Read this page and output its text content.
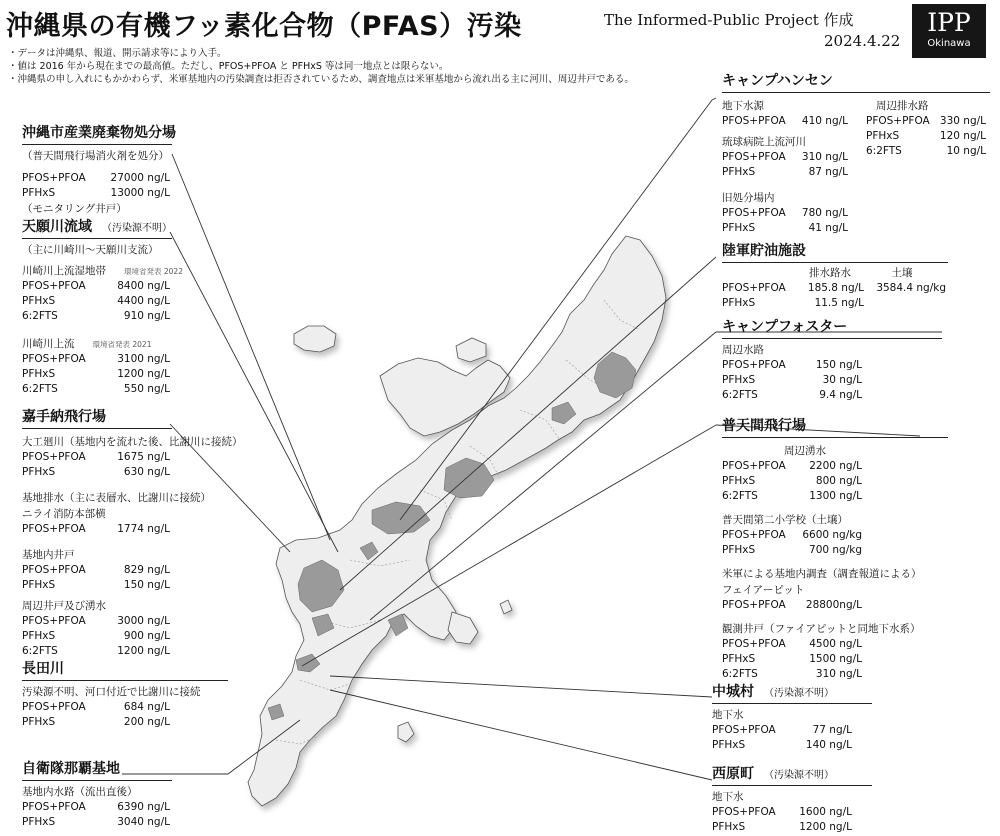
沖縄県の有機フッ素化合物（PFAS）汚染	The Informed-Public Project 作成
2024.4.22
IPP
Okinawa
・データは沖縄県、報道、開示請求等により入手。
・値は 2016 年から現在までの最高値。ただし、PFOS+PFOA と PFHxS 等は同一地点とは限らない。
・沖縄県の申し入れにもかかわらず、米軍基地内の汚染調査は拒否されているため、調査地点は米軍基地から流れ出る主に河川、周辺井戸である。
沖縄市産業廃棄物処分場
（普天間飛行場消火剤を処分）
PFOS+PFOA	27000 ng/L
PFHxS	13000 ng/L
（モニタリング井戸）
天願川流域 （汚染源不明）
（主に川崎川～天願川支流）
川崎川上流湿地帯 環境省発表 2022
PFOS+PFOA	8400 ng/L
PFHxS	4400 ng/L
6:2FTS	910 ng/L
川崎川上流 環境省発表 2021
PFOS+PFOA	3100 ng/L
PFHxS	1200 ng/L
6:2FTS	550 ng/L
嘉手納飛行場
大工廻川（基地内を流れた後、比謝川に接続）
PFOS+PFOA	1675 ng/L
PFHxS	630 ng/L
基地排水（主に表層水、比謝川に接続）
ニライ消防本部横
PFOS+PFOA	1774 ng/L
基地内井戸
PFOS+PFOA	829 ng/L
PFHxS	150 ng/L
周辺井戸及び湧水
PFOS+PFOA	3000 ng/L
PFHxS	900 ng/L
6:2FTS	1200 ng/L
長田川
汚染源不明、河口付近で比謝川に接続
PFOS+PFOA	684 ng/L
PFHxS	200 ng/L
自衛隊那覇基地
基地内水路（流出直後）
PFOS+PFOA	6390 ng/L
PFHxS	3040 ng/L
キャンプハンセン
地下水源
PFOS+PFOA	410 ng/L
琉球病院上流河川
PFOS+PFOA	310 ng/L
PFHxS	87 ng/L
旧処分場内
PFOS+PFOA	780 ng/L
PFHxS	41 ng/L
周辺排水路
PFOS+PFOA 330 ng/L
PFHxS	120 ng/L
6:2FTS	10 ng/L
陸軍貯油施設
排水路水	土壌
PFOS+PFOA	185.8 ng/L	3584.4 ng/kg
PFHxS	11.5 ng/L
キャンプフォスター
周辺水路
PFOS+PFOA	150 ng/L
PFHxS	30 ng/L
6:2FTS	9.4 ng/L
普天間飛行場
周辺湧水
PFOS+PFOA	2200 ng/L
PFHxS	800 ng/L
6:2FTS	1300 ng/L
普天間第二小学校（土壌）
PFOS+PFOA	6600 ng/kg
PFHxS	700 ng/kg
米軍による基地内調査（調査報道による）
フェイアーピット
PFOS+PFOA	28800ng/L
観測井戸（ファイアピットと同地下水系）
PFOS+PFOA	4500 ng/L
PFHxS	1500 ng/L
6:2FTS	310 ng/L
中城村 （汚染源不明）
地下水
PFOS+PFOA	77 ng/L
PFHxS	140 ng/L
西原町 （汚染源不明）
地下水
PFOS+PFOA	1600 ng/L
PFHxS	1200 ng/L
